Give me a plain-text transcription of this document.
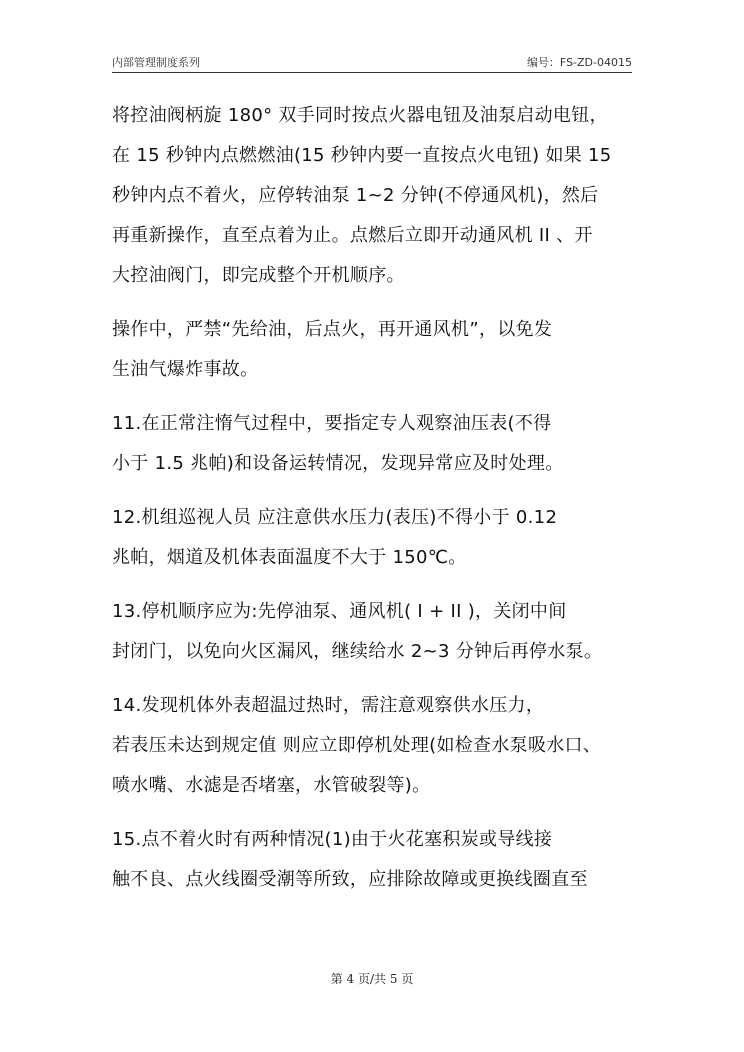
内部管理制度系列	编号：FS-ZD-04015
将控油阀柄旋 180° 双手同时按点火器电钮及油泵启动电钮，
在 15 秒钟内点燃燃油(15 秒钟内要一直按点火电钮) 如果 15
秒钟内点不着火，应停转油泵 1~2 分钟(不停通风机)，然后
再重新操作，直至点着为止。点燃后立即开动通风机 II 、开
大控油阀门，即完成整个开机顺序。
操作中，严禁“先给油，后点火，再开通风机”，以免发
生油气爆炸事故。
11.在正常注惰气过程中，要指定专人观察油压表(不得
小于 1.5 兆帕)和设备运转情况，发现异常应及时处理。
12.机组巡视人员 应注意供水压力(表压)不得小于 0.12
兆帕，烟道及机体表面温度不大于 150℃。
13.停机顺序应为:先停油泵、通风机( I + II )，关闭中间
封闭门，以免向火区漏风，继续给水 2~3 分钟后再停水泵。
14.发现机体外表超温过热时，需注意观察供水压力，
若表压未达到规定值 则应立即停机处理(如检查水泵吸水口、
喷水嘴、水滤是否堵塞，水管破裂等)。
15.点不着火时有两种情况(1)由于火花塞积炭或导线接
触不良、点火线圈受潮等所致，应排除故障或更换线圈直至
第 4 页/共 5 页
